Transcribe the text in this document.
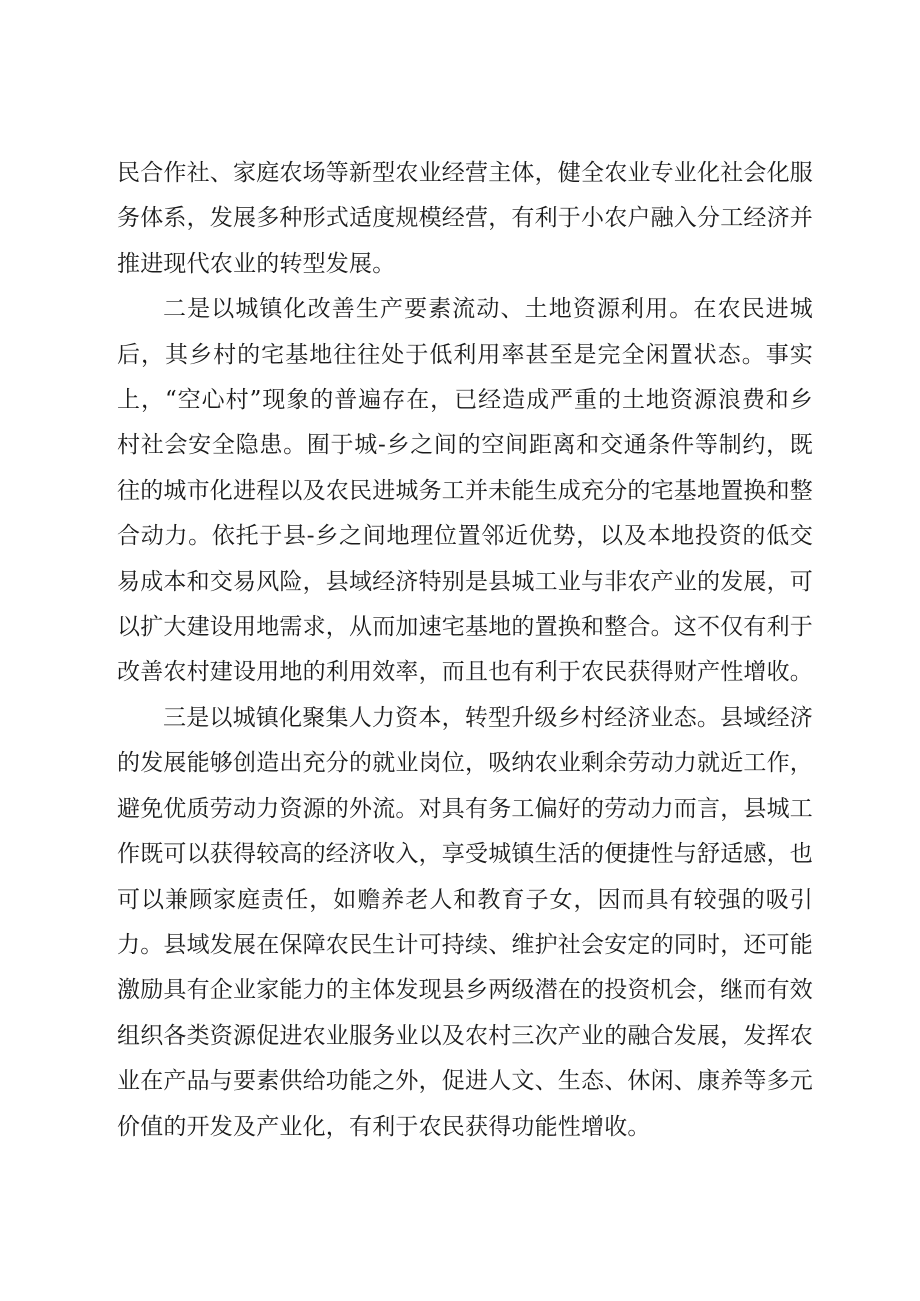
民合作社、家庭农场等新型农业经营主体，健全农业专业化社会化服务体系，发展多种形式适度规模经营，有利于小农户融入分工经济并推进现代农业的转型发展。

二是以城镇化改善生产要素流动、土地资源利用。在农民进城后，其乡村的宅基地往往处于低利用率甚至是完全闲置状态。事实上，“空心村”现象的普遍存在，已经造成严重的土地资源浪费和乡村社会安全隐患。囿于城-乡之间的空间距离和交通条件等制约，既往的城市化进程以及农民进城务工并未能生成充分的宅基地置换和整合动力。依托于县-乡之间地理位置邻近优势，以及本地投资的低交易成本和交易风险，县域经济特别是县城工业与非农产业的发展，可以扩大建设用地需求，从而加速宅基地的置换和整合。这不仅有利于改善农村建设用地的利用效率，而且也有利于农民获得财产性增收。

三是以城镇化聚集人力资本，转型升级乡村经济业态。县域经济的发展能够创造出充分的就业岗位，吸纳农业剩余劳动力就近工作，避免优质劳动力资源的外流。对具有务工偏好的劳动力而言，县城工作既可以获得较高的经济收入，享受城镇生活的便捷性与舒适感，也可以兼顾家庭责任，如赡养老人和教育子女，因而具有较强的吸引力。县域发展在保障农民生计可持续、维护社会安定的同时，还可能激励具有企业家能力的主体发现县乡两级潜在的投资机会，继而有效组织各类资源促进农业服务业以及农村三次产业的融合发展，发挥农业在产品与要素供给功能之外，促进人文、生态、休闲、康养等多元价值的开发及产业化，有利于农民获得功能性增收。
